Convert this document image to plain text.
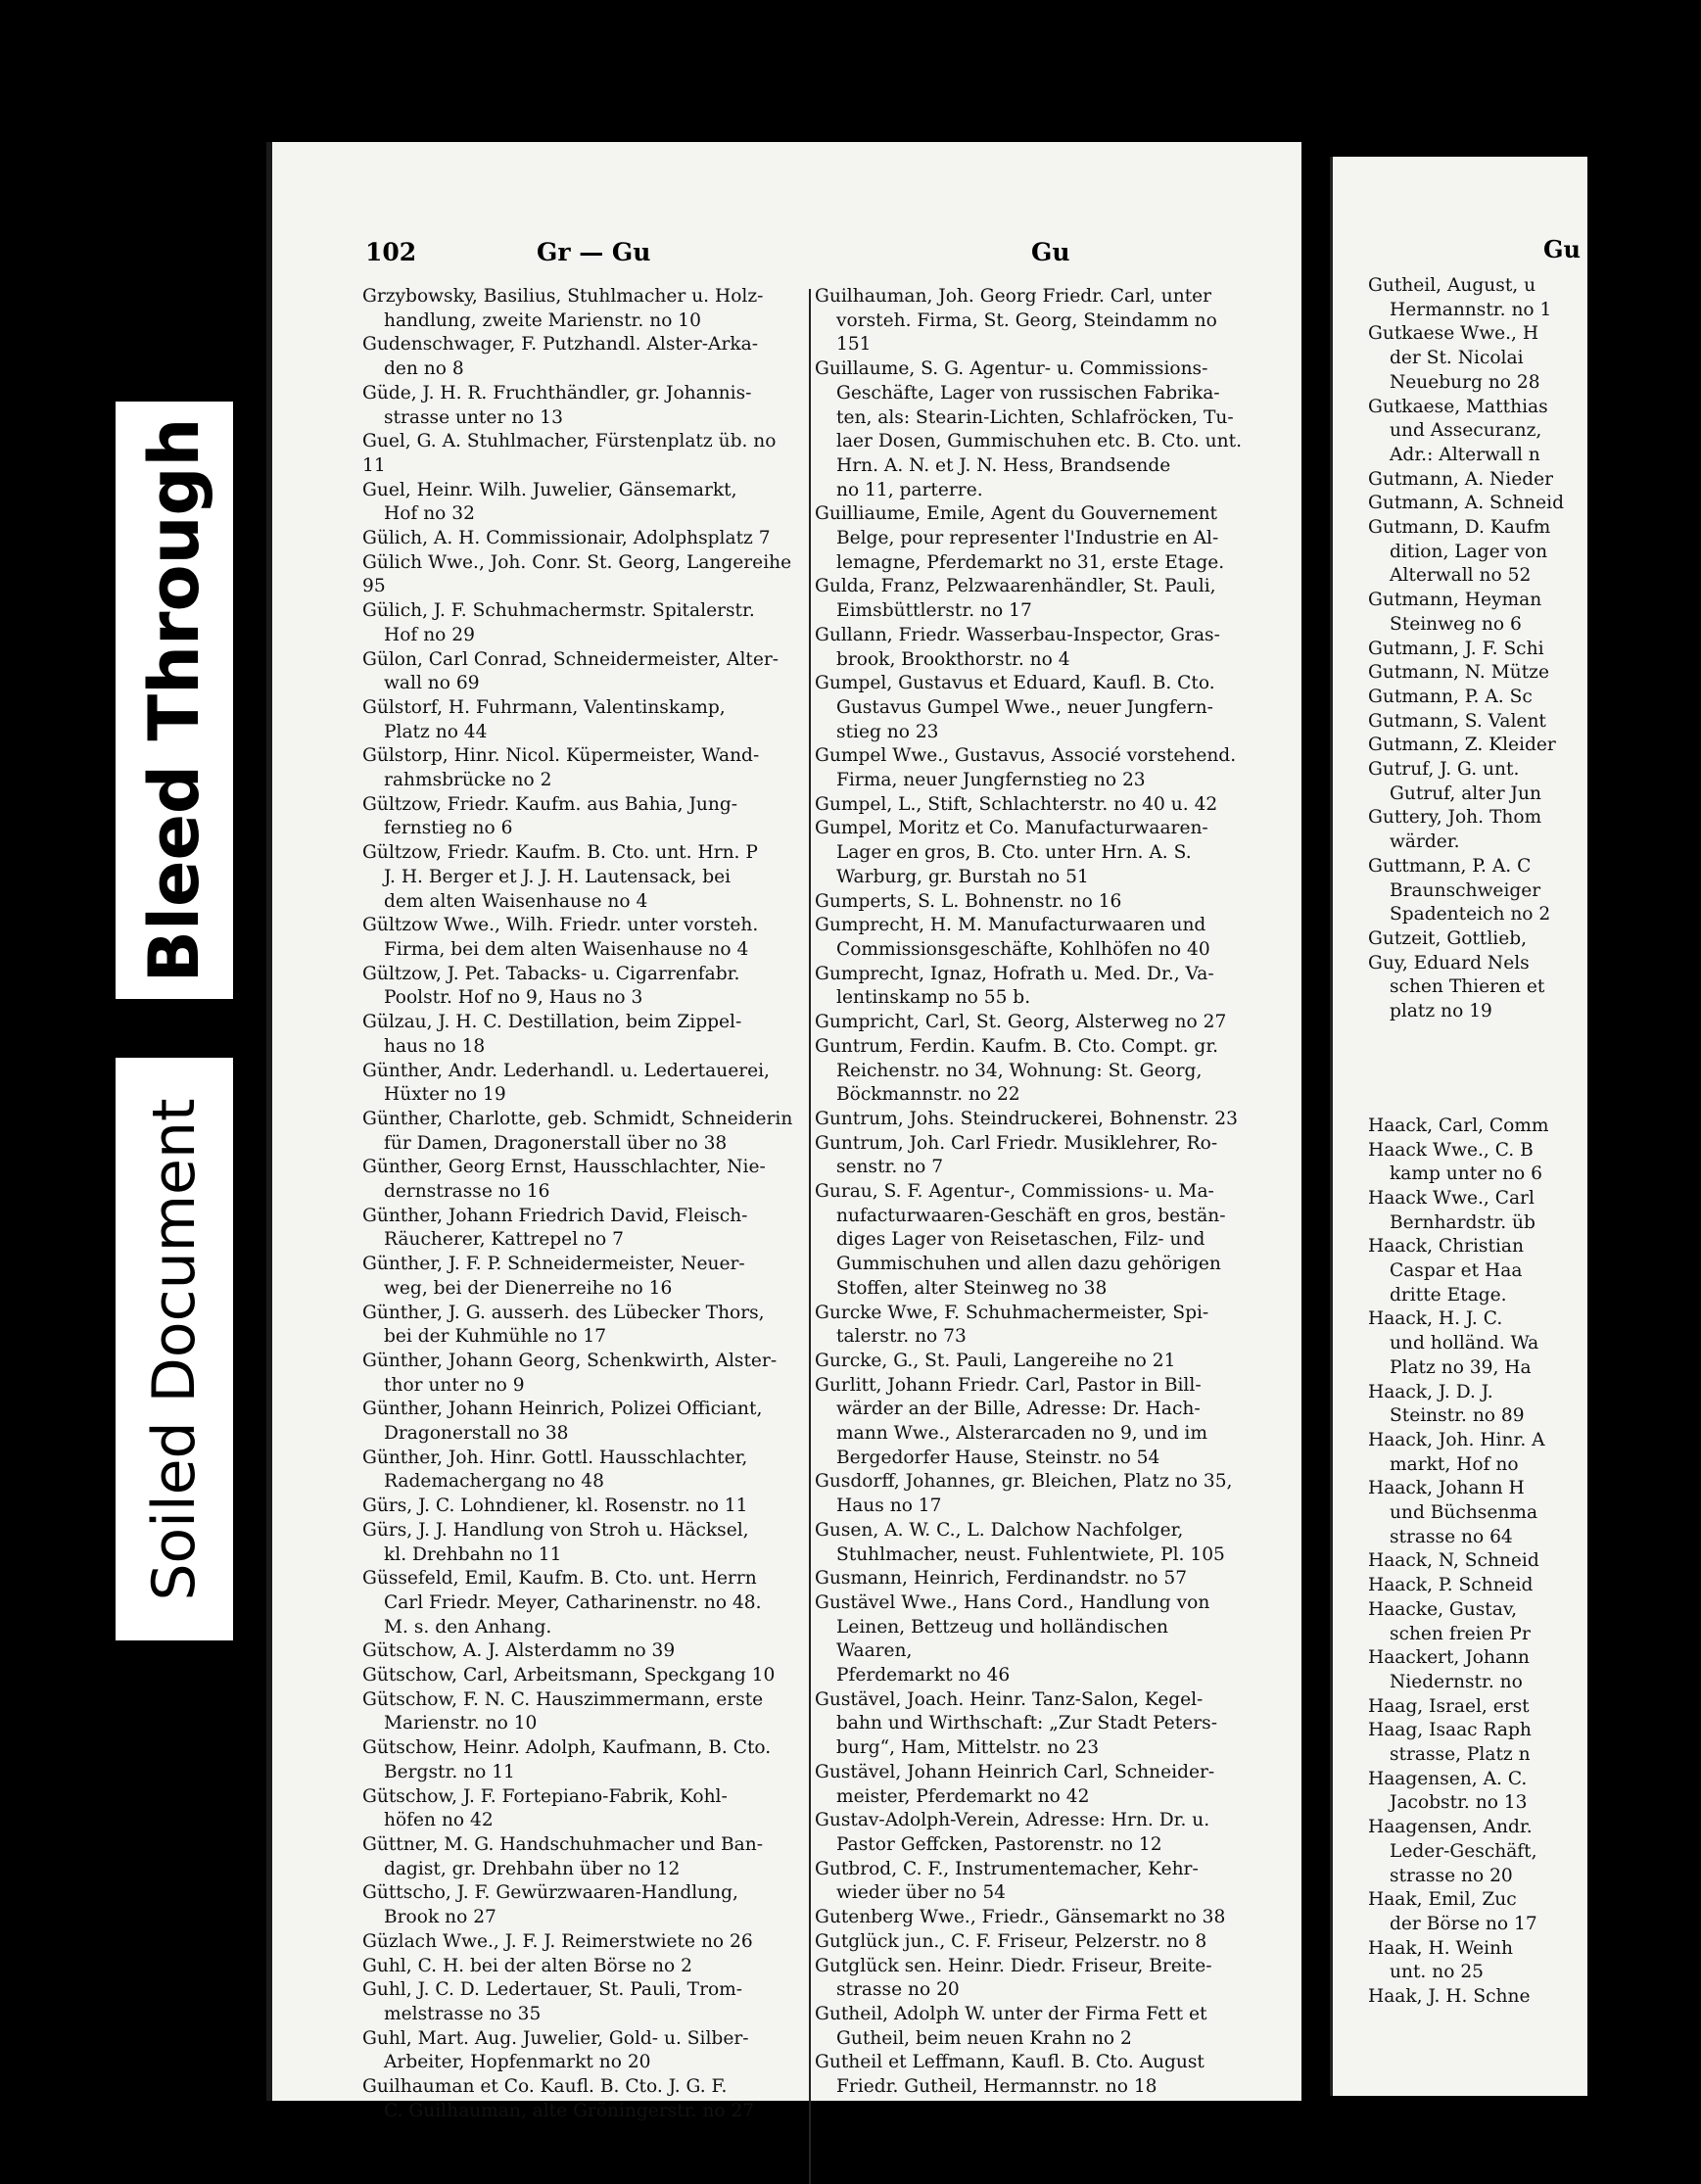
Bleed Through
Soiled Document
102	Gr — Gu	Gu
Grzybowsky, Basilius, Stuhlmacher u. Holz-
handlung, zweite Marienstr. no 10
Gudenschwager, F. Putzhandl. Alster-Arka-
den no 8
Güde, J. H. R. Fruchthändler, gr. Johannis-
strasse unter no 13
Guel, G. A. Stuhlmacher, Fürstenplatz üb. no 11
Guel, Heinr. Wilh. Juwelier, Gänsemarkt,
Hof no 32
Gülich, A. H. Commissionair, Adolphsplatz 7
Gülich Wwe., Joh. Conr. St. Georg, Langereihe 95
Gülich, J. F. Schuhmachermstr. Spitalerstr.
Hof no 29
Gülon, Carl Conrad, Schneidermeister, Alter-
wall no 69
Gülstorf, H. Fuhrmann, Valentinskamp,
Platz no 44
Gülstorp, Hinr. Nicol. Küpermeister, Wand-
rahmsbrücke no 2
Gültzow, Friedr. Kaufm. aus Bahia, Jung-
fernstieg no 6
Gültzow, Friedr. Kaufm. B. Cto. unt. Hrn. P
J. H. Berger et J. J. H. Lautensack, bei
dem alten Waisenhause no 4
Gültzow Wwe., Wilh. Friedr. unter vorsteh.
Firma, bei dem alten Waisenhause no 4
Gültzow, J. Pet. Tabacks- u. Cigarrenfabr.
Poolstr. Hof no 9, Haus no 3
Gülzau, J. H. C. Destillation, beim Zippel-
haus no 18
Günther, Andr. Lederhandl. u. Ledertauerei,
Hüxter no 19
Günther, Charlotte, geb. Schmidt, Schneiderin
für Damen, Dragonerstall über no 38
Günther, Georg Ernst, Hausschlachter, Nie-
dernstrasse no 16
Günther, Johann Friedrich David, Fleisch-
Räucherer, Kattrepel no 7
Günther, J. F. P. Schneidermeister, Neuer-
weg, bei der Dienerreihe no 16
Günther, J. G. ausserh. des Lübecker Thors,
bei der Kuhmühle no 17
Günther, Johann Georg, Schenkwirth, Alster-
thor unter no 9
Günther, Johann Heinrich, Polizei Officiant,
Dragonerstall no 38
Günther, Joh. Hinr. Gottl. Hausschlachter,
Rademachergang no 48
Gürs, J. C. Lohndiener, kl. Rosenstr. no 11
Gürs, J. J. Handlung von Stroh u. Häcksel,
kl. Drehbahn no 11
Güssefeld, Emil, Kaufm. B. Cto. unt. Herrn
Carl Friedr. Meyer, Catharinenstr. no 48.
M. s. den Anhang.
Gütschow, A. J. Alsterdamm no 39
Gütschow, Carl, Arbeitsmann, Speckgang 10
Gütschow, F. N. C. Hauszimmermann, erste
Marienstr. no 10
Gütschow, Heinr. Adolph, Kaufmann, B. Cto.
Bergstr. no 11
Gütschow, J. F. Fortepiano-Fabrik, Kohl-
höfen no 42
Güttner, M. G. Handschuhmacher und Ban-
dagist, gr. Drehbahn über no 12
Güttscho, J. F. Gewürzwaaren-Handlung,
Brook no 27
Güzlach Wwe., J. F. J. Reimerstwiete no 26
Guhl, C. H. bei der alten Börse no 2
Guhl, J. C. D. Ledertauer, St. Pauli, Trom-
melstrasse no 35
Guhl, Mart. Aug. Juwelier, Gold- u. Silber-
Arbeiter, Hopfenmarkt no 20
Guilhauman et Co. Kaufl. B. Cto. J. G. F.
C. Guilhauman, alte Gröningerstr. no 27
Guilhauman, Joh. Georg Friedr. Carl, unter
vorsteh. Firma, St. Georg, Steindamm no 151
Guillaume, S. G. Agentur- u. Commissions-
Geschäfte, Lager von russischen Fabrika-
ten, als: Stearin-Lichten, Schlafröcken, Tu-
laer Dosen, Gummischuhen etc. B. Cto. unt.
Hrn. A. N. et J. N. Hess, Brandsende
no 11, parterre.
Guilliaume, Emile, Agent du Gouvernement
Belge, pour representer l'Industrie en Al-
lemagne, Pferdemarkt no 31, erste Etage.
Gulda, Franz, Pelzwaarenhändler, St. Pauli,
Eimsbüttlerstr. no 17
Gullann, Friedr. Wasserbau-Inspector, Gras-
brook, Brookthorstr. no 4
Gumpel, Gustavus et Eduard, Kaufl. B. Cto.
Gustavus Gumpel Wwe., neuer Jungfern-
stieg no 23
Gumpel Wwe., Gustavus, Associé vorstehend.
Firma, neuer Jungfernstieg no 23
Gumpel, L., Stift, Schlachterstr. no 40 u. 42
Gumpel, Moritz et Co. Manufacturwaaren-
Lager en gros, B. Cto. unter Hrn. A. S.
Warburg, gr. Burstah no 51
Gumperts, S. L. Bohnenstr. no 16
Gumprecht, H. M. Manufacturwaaren und
Commissionsgeschäfte, Kohlhöfen no 40
Gumprecht, Ignaz, Hofrath u. Med. Dr., Va-
lentinskamp no 55 b.
Gumpricht, Carl, St. Georg, Alsterweg no 27
Guntrum, Ferdin. Kaufm. B. Cto. Compt. gr.
Reichenstr. no 34, Wohnung: St. Georg,
Böckmannstr. no 22
Guntrum, Johs. Steindruckerei, Bohnenstr. 23
Guntrum, Joh. Carl Friedr. Musiklehrer, Ro-
senstr. no 7
Gurau, S. F. Agentur-, Commissions- u. Ma-
nufacturwaaren-Geschäft en gros, bestän-
diges Lager von Reisetaschen, Filz- und
Gummischuhen und allen dazu gehörigen
Stoffen, alter Steinweg no 38
Gurcke Wwe, F. Schuhmachermeister, Spi-
talerstr. no 73
Gurcke, G., St. Pauli, Langereihe no 21
Gurlitt, Johann Friedr. Carl, Pastor in Bill-
wärder an der Bille, Adresse: Dr. Hach-
mann Wwe., Alsterarcaden no 9, und im
Bergedorfer Hause, Steinstr. no 54
Gusdorff, Johannes, gr. Bleichen, Platz no 35,
Haus no 17
Gusen, A. W. C., L. Dalchow Nachfolger,
Stuhlmacher, neust. Fuhlentwiete, Pl. 105
Gusmann, Heinrich, Ferdinandstr. no 57
Gustävel Wwe., Hans Cord., Handlung von
Leinen, Bettzeug und holländischen Waaren,
Pferdemarkt no 46
Gustävel, Joach. Heinr. Tanz-Salon, Kegel-
bahn und Wirthschaft: „Zur Stadt Peters-
burg“, Ham, Mittelstr. no 23
Gustävel, Johann Heinrich Carl, Schneider-
meister, Pferdemarkt no 42
Gustav-Adolph-Verein, Adresse: Hrn. Dr. u.
Pastor Geffcken, Pastorenstr. no 12
Gutbrod, C. F., Instrumentemacher, Kehr-
wieder über no 54
Gutenberg Wwe., Friedr., Gänsemarkt no 38
Gutglück jun., C. F. Friseur, Pelzerstr. no 8
Gutglück sen. Heinr. Diedr. Friseur, Breite-
strasse no 20
Gutheil, Adolph W. unter der Firma Fett et
Gutheil, beim neuen Krahn no 2
Gutheil et Leffmann, Kaufl. B. Cto. August
Friedr. Gutheil, Hermannstr. no 18
Gu
Gutheil, August, u
Hermannstr. no 1
Gutkaese Wwe., H
der St. Nicolai
Neueburg no 28
Gutkaese, Matthias
und Assecuranz,
Adr.: Alterwall n
Gutmann, A. Nieder
Gutmann, A. Schneid
Gutmann, D. Kaufm
dition, Lager von
Alterwall no 52
Gutmann, Heyman
Steinweg no 6
Gutmann, J. F. Schi
Gutmann, N. Mütze
Gutmann, P. A. Sc
Gutmann, S. Valent
Gutmann, Z. Kleider
Gutruf, J. G. unt.
Gutruf, alter Jun
Guttery, Joh. Thom
wärder.
Guttmann, P. A. C
Braunschweiger
Spadenteich no 2
Gutzeit, Gottlieb,
Guy, Eduard Nels
schen Thieren et
platz no 19
Haack, Carl, Comm
Haack Wwe., C. B
kamp unter no 6
Haack Wwe., Carl
Bernhardstr. üb
Haack, Christian
Caspar et Haa
dritte Etage.
Haack, H. J. C.
und holländ. Wa
Platz no 39, Ha
Haack, J. D. J.
Steinstr. no 89
Haack, Joh. Hinr. A
markt, Hof no
Haack, Johann H
und Büchsenma
strasse no 64
Haack, N, Schneid
Haack, P. Schneid
Haacke, Gustav,
schen freien Pr
Haackert, Johann
Niedernstr. no
Haag, Israel, erst
Haag, Isaac Raph
strasse, Platz n
Haagensen, A. C.
Jacobstr. no 13
Haagensen, Andr.
Leder-Geschäft,
strasse no 20
Haak, Emil, Zuc
der Börse no 17
Haak, H. Weinh
unt. no 25
Haak, J. H. Schne
